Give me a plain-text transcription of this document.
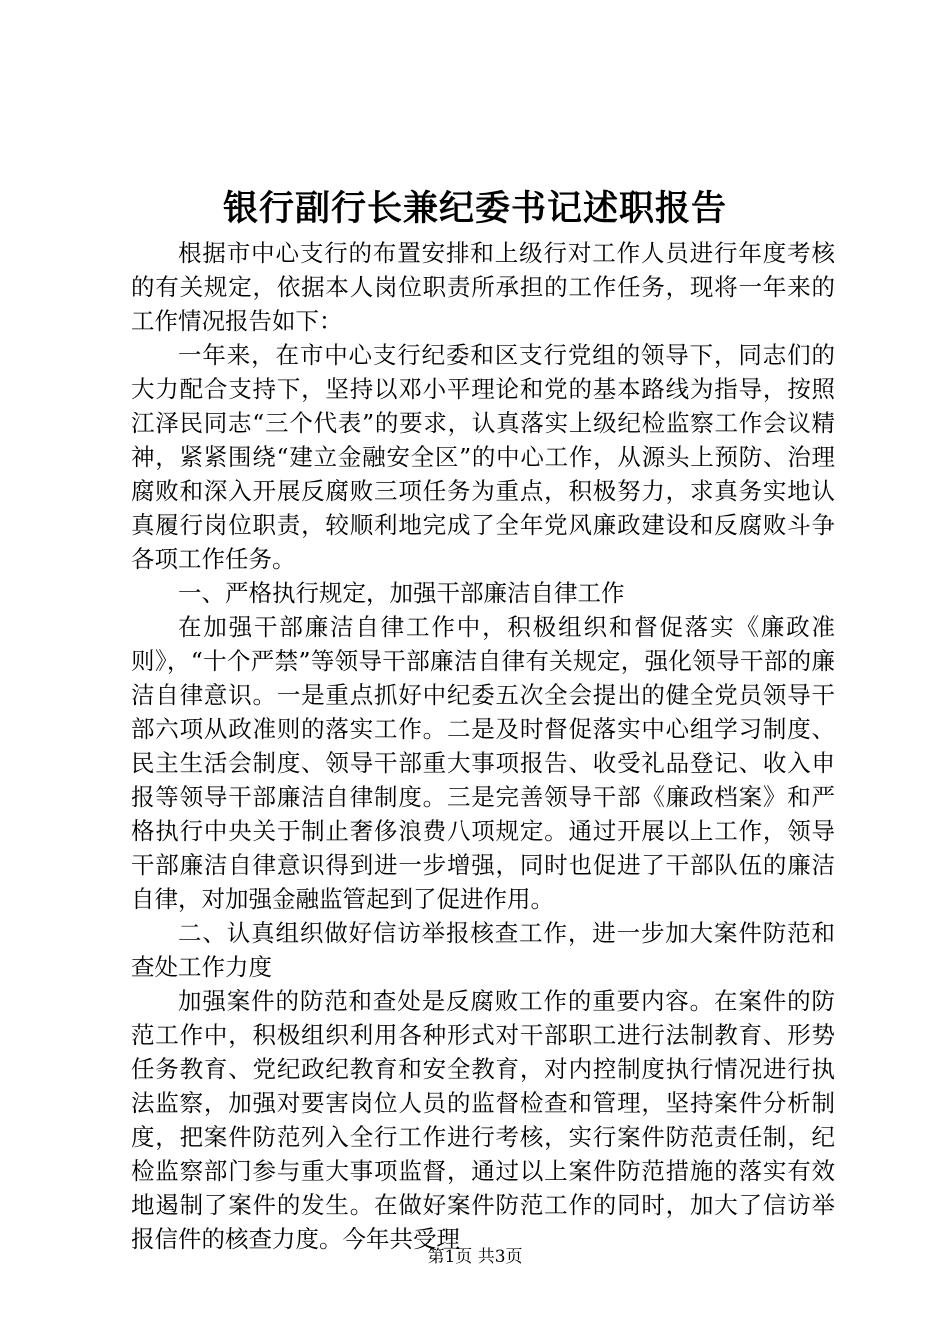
银行副行长兼纪委书记述职报告

根据市中心支行的布置安排和上级行对工作人员进行年度考核的有关规定，依据本人岗位职责所承担的工作任务，现将一年来的工作情况报告如下：

一年来，在市中心支行纪委和区支行党组的领导下，同志们的大力配合支持下，坚持以邓小平理论和党的基本路线为指导，按照江泽民同志“三个代表”的要求，认真落实上级纪检监察工作会议精神，紧紧围绕“建立金融安全区”的中心工作，从源头上预防、治理腐败和深入开展反腐败三项任务为重点，积极努力，求真务实地认真履行岗位职责，较顺利地完成了全年党风廉政建设和反腐败斗争各项工作任务。

一、严格执行规定，加强干部廉洁自律工作

在加强干部廉洁自律工作中，积极组织和督促落实《廉政准则》，“十个严禁”等领导干部廉洁自律有关规定，强化领导干部的廉洁自律意识。一是重点抓好中纪委五次全会提出的健全党员领导干部六项从政准则的落实工作。二是及时督促落实中心组学习制度、民主生活会制度、领导干部重大事项报告、收受礼品登记、收入申报等领导干部廉洁自律制度。三是完善领导干部《廉政档案》和严格执行中央关于制止奢侈浪费八项规定。通过开展以上工作，领导干部廉洁自律意识得到进一步增强，同时也促进了干部队伍的廉洁自律，对加强金融监管起到了促进作用。

二、认真组织做好信访举报核查工作，进一步加大案件防范和查处工作力度

加强案件的防范和查处是反腐败工作的重要内容。在案件的防范工作中，积极组织利用各种形式对干部职工进行法制教育、形势任务教育、党纪政纪教育和安全教育，对内控制度执行情况进行执法监察，加强对要害岗位人员的监督检查和管理，坚持案件分析制度，把案件防范列入全行工作进行考核，实行案件防范责任制，纪检监察部门参与重大事项监督，通过以上案件防范措施的落实有效地遏制了案件的发生。在做好案件防范工作的同时，加大了信访举报信件的核查力度。今年共受理

第1页 共3页
